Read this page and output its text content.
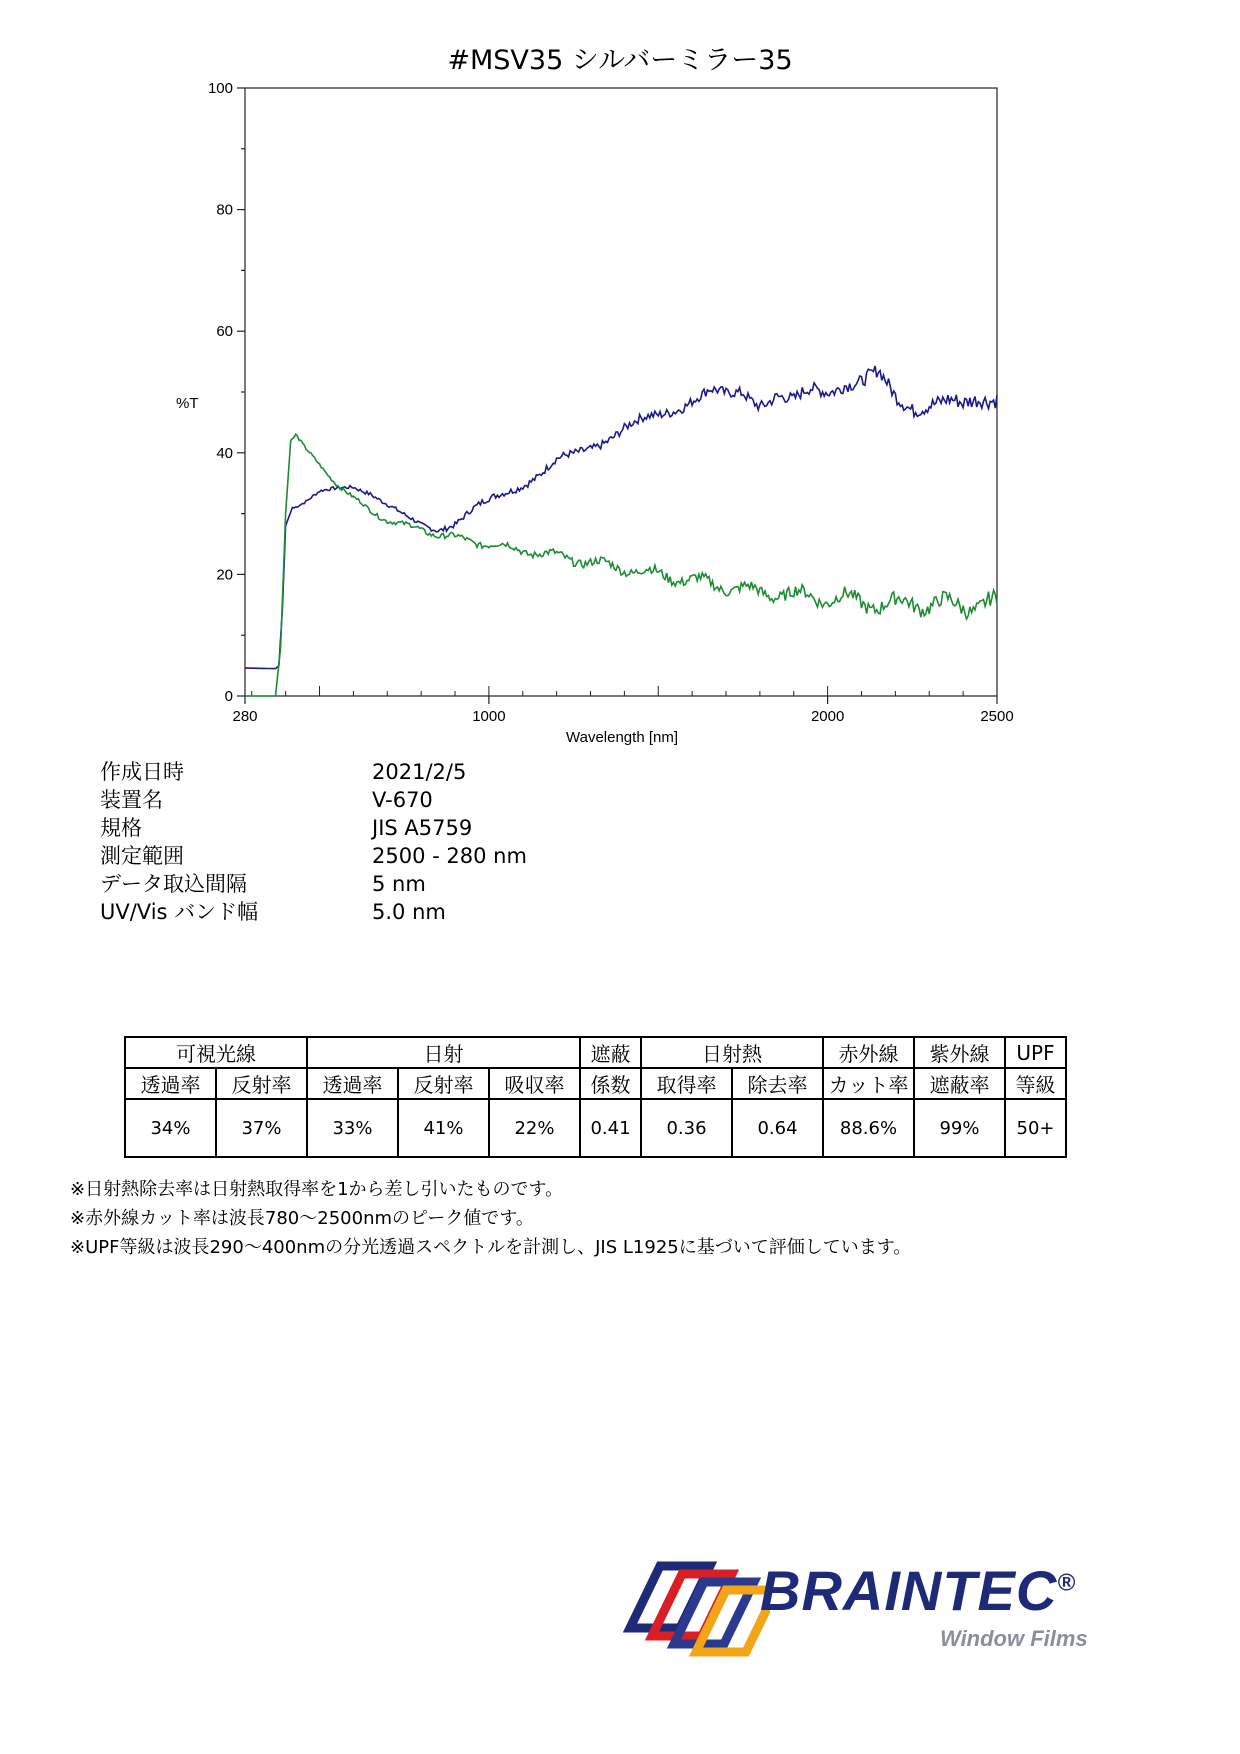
#MSV35 シルバーミラー35
280	1000	2000	2500
0
20
40
60
80
100
%T
Wavelength [nm]
作成日時	2021/2/5
装置名	V-670
規格	JIS A5759
測定範囲	2500 - 280 nm
データ取込間隔	5 nm
UV/Vis バンド幅	5.0 nm
可視光線		日射			遮蔽	日射熱		赤外線	紫外線	UPF
透過率	反射率	透過率	反射率	吸収率	係数	取得率	除去率	カット率	遮蔽率	等級
34%	37%	33%	41%	22%	0.41	0.36	0.64	88.6%	99%	50+
※日射熱除去率は日射熱取得率を1から差し引いたものです。
※赤外線カット率は波長780～2500nmのピーク値です。
※UPF等級は波長290～400nmの分光透過スペクトルを計測し、JIS L1925に基づいて評価しています。
BRAINTEC®
Window Films
